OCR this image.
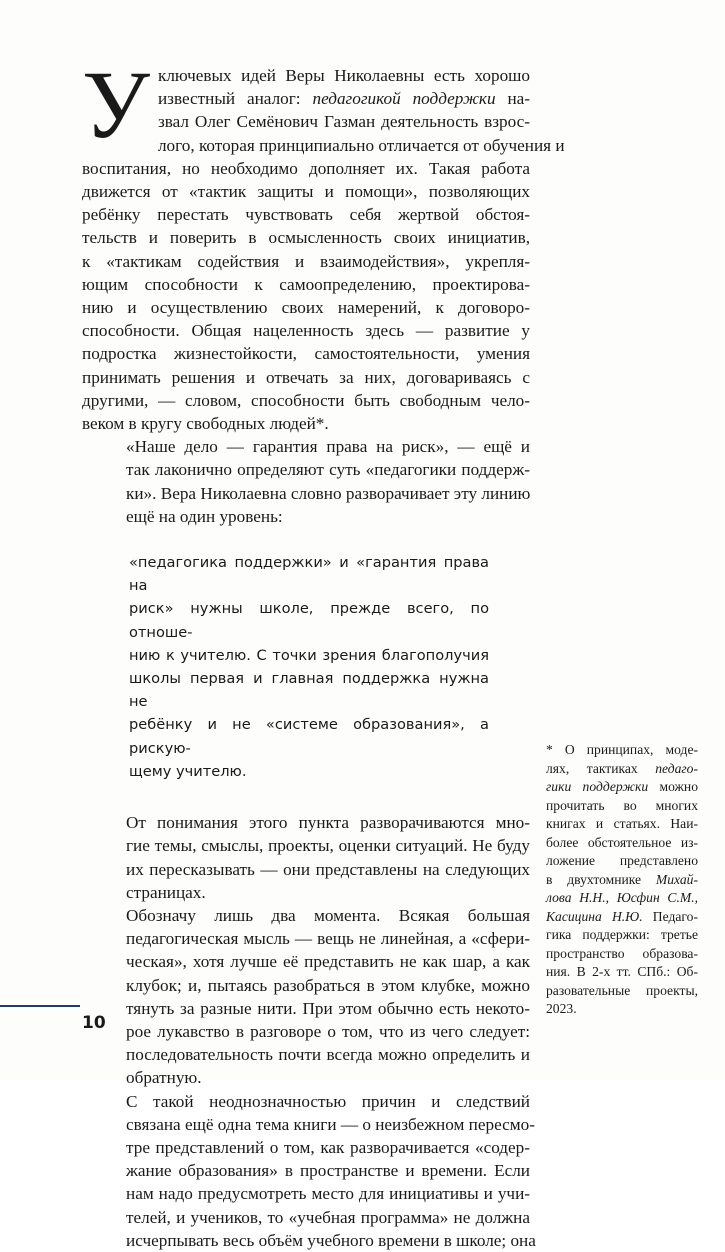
У ключевых идей Веры Николаевны есть хорошо
известный аналог: педагогикой поддержки на-
звал Олег Семёнович Газман деятельность взрос-
лого, которая принципиально отличается от обучения и
воспитания, но необходимо дополняет их. Такая работа
движется от «тактик защиты и помощи», позволяющих
ребёнку перестать чувствовать себя жертвой обстоя-
тельств и поверить в осмысленность своих инициатив,
к «тактикам содействия и взаимодействия», укрепля-
ющим способности к самоопределению, проектирова-
нию и осуществлению своих намерений, к договоро-
способности. Общая нацеленность здесь — развитие у
подростка жизнестойкости, самостоятельности, умения
принимать решения и отвечать за них, договариваясь с
другими, — словом, способности быть свободным чело-
веком в кругу свободных людей*.

«Наше дело — гарантия права на риск», — ещё и
так лаконично определяют суть «педагогики поддерж-
ки». Вера Николаевна словно разворачивает эту линию
ещё на один уровень:

«педагогика поддержки» и «гарантия права на
риск» нужны школе, прежде всего, по отноше-
нию к учителю. С точки зрения благополучия
школы первая и главная поддержка нужна не
ребёнку и не «системе образования», а рискую-
щему учителю.

От понимания этого пункта разворачиваются мно-
гие темы, смыслы, проекты, оценки ситуаций. Не буду
их пересказывать — они представлены на следующих
страницах.

Обозначу лишь два момента. Всякая большая
педагогическая мысль — вещь не линейная, а «сфери-
ческая», хотя лучше её представить не как шар, а как
клубок; и, пытаясь разобраться в этом клубке, можно
тянуть за разные нити. При этом обычно есть некото-
рое лукавство в разговоре о том, что из чего следует:
последовательность почти всегда можно определить и
обратную.

С такой неоднозначностью причин и следствий
связана ещё одна тема книги — о неизбежном пересмо-
тре представлений о том, как разворачивается «содер-
жание образования» в пространстве и времени. Если
нам надо предусмотреть место для инициативы и учи-
телей, и учеников, то «учебная программа» не должна
исчерпывать весь объём учебного времени в школе; она

* О принципах, моде-
лях, тактиках педаго-
гики поддержки можно
прочитать во многих
книгах и статьях. Наи-
более обстоятельное из-
ложение представлено
в двухтомнике Михай-
лова Н.Н., Юсфин С.М.,
Касицина Н.Ю. Педаго-
гика поддержки: третье
пространство образова-
ния. В 2-х тт. СПб.: Об-
разовательные проекты,
2023.
10
